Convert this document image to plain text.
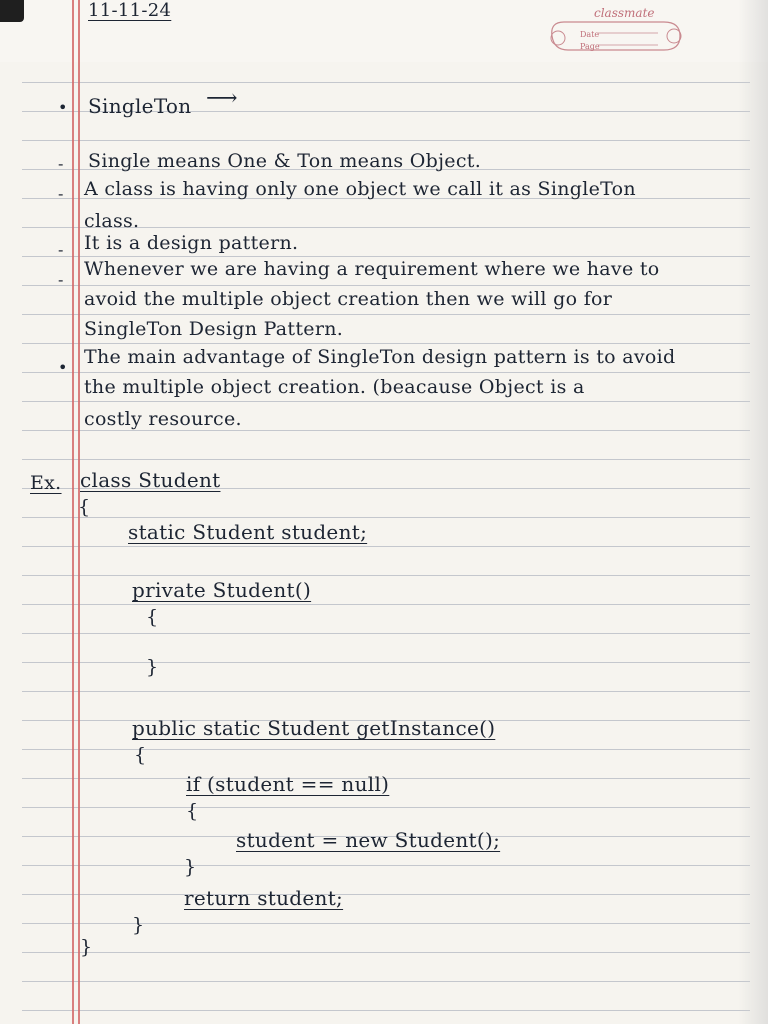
11-11-24	classmate
Date
Page
•
-
-
-
-
•
SingleTon ⟶
Single means One & Ton means Object.
A class is having only one object we call it as SingleTon
class.
It is a design pattern.
Whenever we are having a requirement where we have to
avoid the multiple object creation then we will go for
SingleTon Design Pattern.
The main advantage of SingleTon design pattern is to avoid
the multiple object creation. (beacause Object is a
costly resource.
Ex. class Student
{
static Student student;
private Student()
{
}
public static Student getInstance()
{
if (student == null)
{
student = new Student();
}
return student;
}
}
